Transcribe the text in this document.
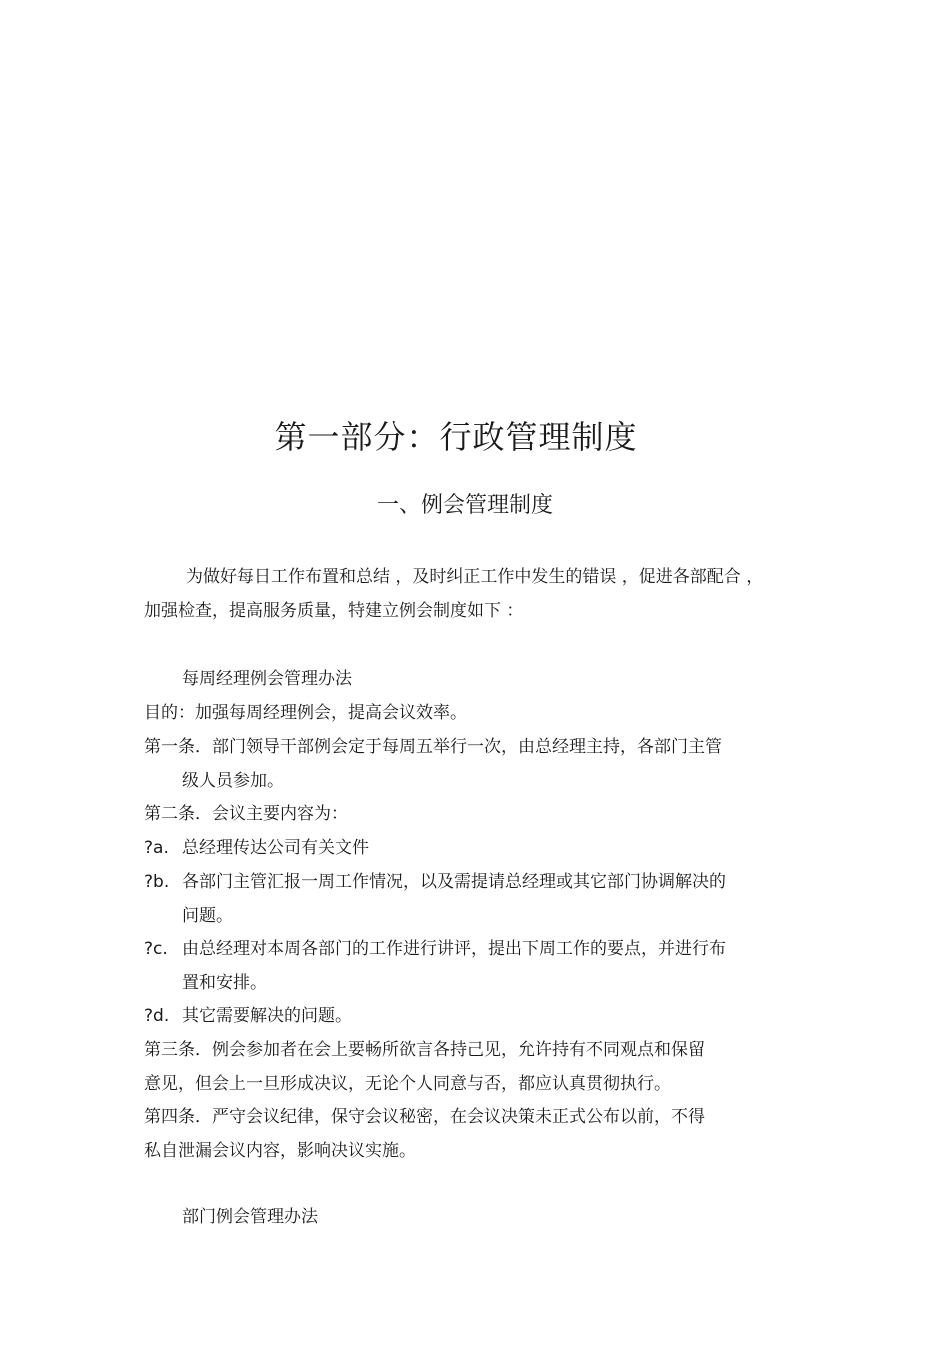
第一部分：行政管理制度
一、例会管理制度

为做好每日工作布置和总结 ，及时纠正工作中发生的错误 ，促进各部配合 ，

加强检查，提高服务质量，特建立例会制度如下 ：

每周经理例会管理办法

目的：加强每周经理例会，提高会议效率。

第一条．部门领导干部例会定于每周五举行一次，由总经理主持，各部门主管

级人员参加。

第二条．会议主要内容为：

?a. 总经理传达公司有关文件

?b. 各部门主管汇报一周工作情况，以及需提请总经理或其它部门协调解决的

问题。

?c. 由总经理对本周各部门的工作进行讲评，提出下周工作的要点，并进行布

置和安排。

?d. 其它需要解决的问题。

第三条．例会参加者在会上要畅所欲言各持己见，允许持有不同观点和保留

意见，但会上一旦形成决议，无论个人同意与否，都应认真贯彻执行。

第四条．严守会议纪律，保守会议秘密，在会议决策未正式公布以前，不得

私自泄漏会议内容，影响决议实施。

部门例会管理办法
